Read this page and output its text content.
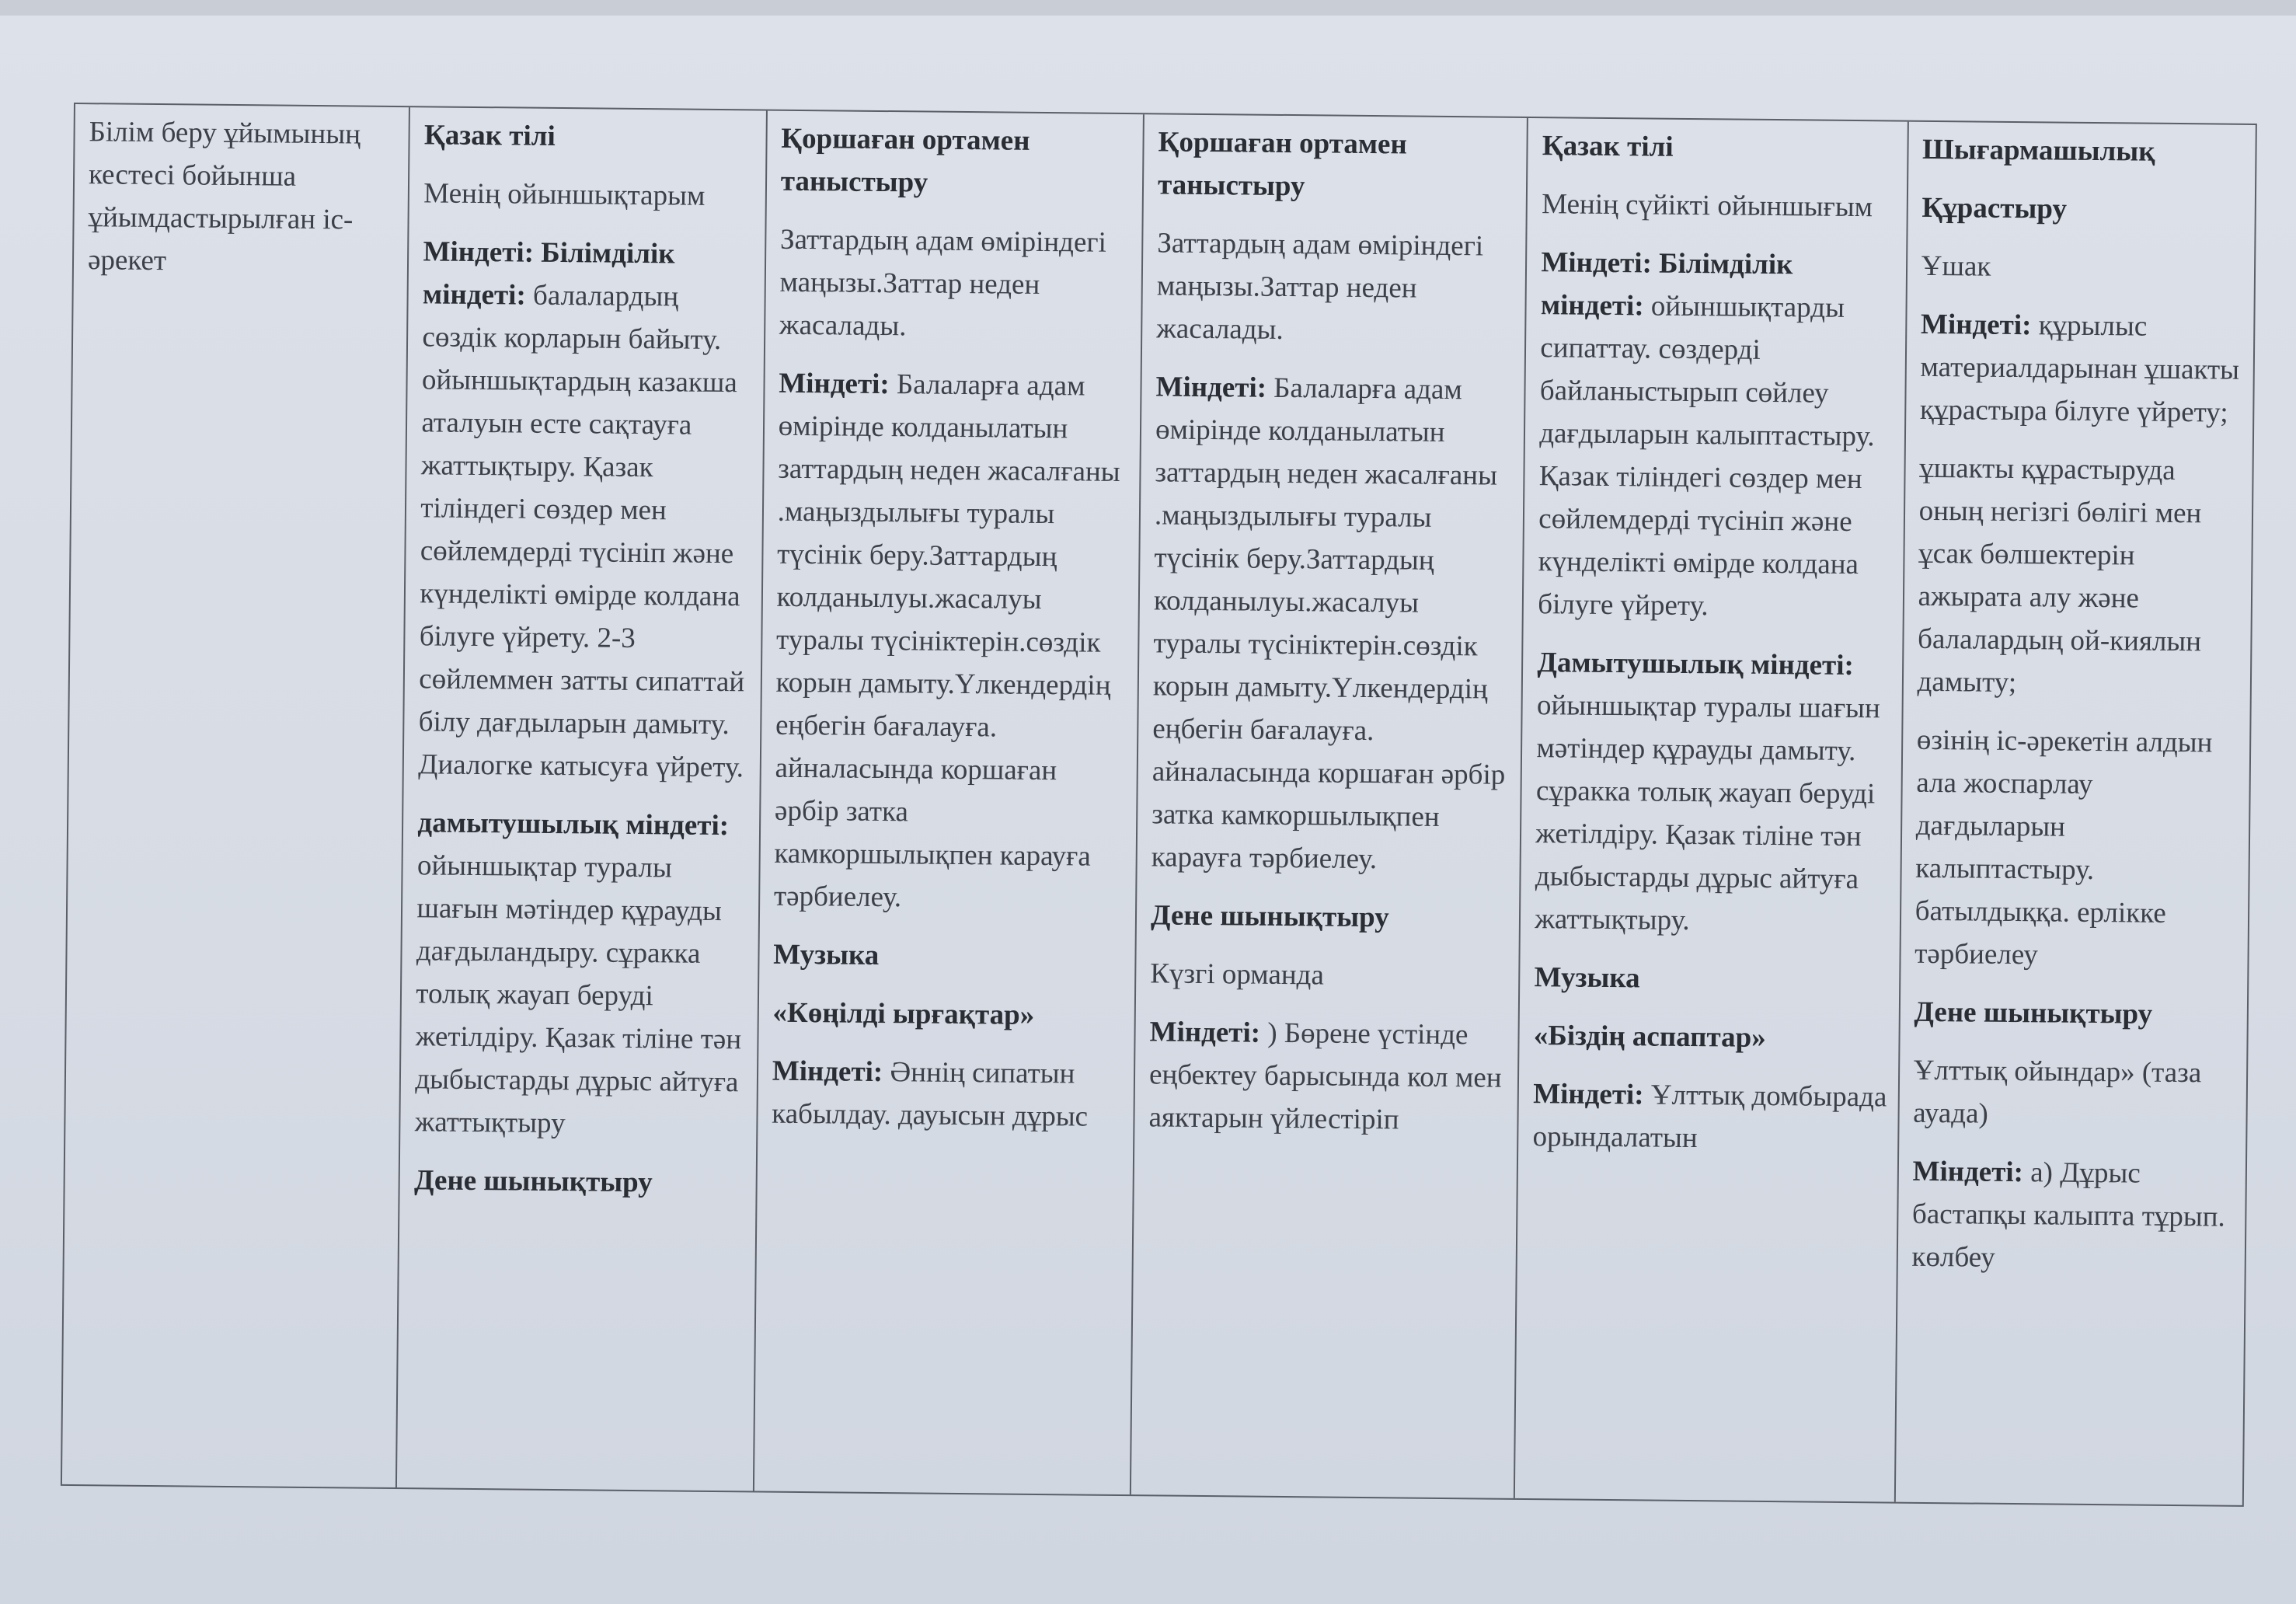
Білім беру ұйымының кестесі бойынша ұйымдастырылған іс-әрекет

Қазак тілі

Менің ойыншықтарым

Міндеті: Білімділік міндеті: балалардың сөздік корларын байыту. ойыншықтардың казакша аталуын есте сақтауға жаттықтыру. Қазак тіліндегі сөздер мен сөйлемдерді түсініп және күнделікті өмірде колдана білуге үйрету. 2-3 сөйлеммен затты сипаттай білу дағдыларын дамыту. Диалогке катысуға үйрету.

дамытушылық міндеті: ойыншықтар туралы шағын мәтіндер құрауды дағдыландыру. сұракка толық жауап беруді жетілдіру. Қазак тіліне тән дыбыстарды дұрыс айтуға жаттықтыру

Дене шынықтыру

Қоршаған ортамен таныстыру

Заттардың адам өміріндегі маңызы.Заттар неден жасалады.

Міндеті: Балаларға адам өмірінде колданылатын заттардың неден жасалғаны .маңыздылығы туралы түсінік беру.Заттардың колданылуы.жасалуы туралы түсініктерін.сөздік корын дамыту.Үлкендердің еңбегін бағалауға. айналасында коршаған әрбір затка камкоршылықпен карауға тәрбиелеу.

Музыка

«Көңілді ырғақтар»

Міндеті: Әннің сипатын кабылдау. дауысын дұрыс

Қоршаған ортамен таныстыру

Заттардың адам өміріндегі маңызы.Заттар неден жасалады.

Міндеті: Балаларға адам өмірінде колданылатын заттардың неден жасалғаны .маңыздылығы туралы түсінік беру.Заттардың колданылуы.жасалуы туралы түсініктерін.сөздік корын дамыту.Үлкендердің еңбегін бағалауға. айналасында коршаған әрбір затка камкоршылықпен карауға тәрбиелеу.

Дене шынықтыру

Күзгі орманда

Міндеті: ) Бөрене үстінде еңбектеу барысында кол мен аяктарын үйлестіріп

Қазак тілі

Менің сүйікті ойыншығым

Міндеті: Білімділік міндеті: ойыншықтарды сипаттау. сөздерді байланыстырып сөйлеу дағдыларын калыптастыру. Қазак тіліндегі сөздер мен сөйлемдерді түсініп және күнделікті өмірде колдана білуге үйрету.

Дамытушылық міндеті: ойыншықтар туралы шағын мәтіндер құрауды дамыту. сұракка толық жауап беруді жетілдіру. Қазак тіліне тән дыбыстарды дұрыс айтуға жаттықтыру.

Музыка

«Біздің аспаптар»

Міндеті: Ұлттық домбырада орындалатын

Шығармашылық

Құрастыру

Ұшак

Міндеті: құрылыс материалдарынан ұшакты құрастыра білуге үйрету;

ұшакты құрастыруда оның негізгі бөлігі мен ұсак бөлшектерін ажырата алу және балалардың ой-киялын дамыту;

өзінің іс-әрекетін алдын ала жоспарлау дағдыларын калыптастыру. батылдыққа. ерлікке тәрбиелеу

Дене шынықтыру

Ұлттық ойындар» (таза ауада)

Міндеті: а) Дұрыс бастапқы калыпта тұрып. көлбеу
